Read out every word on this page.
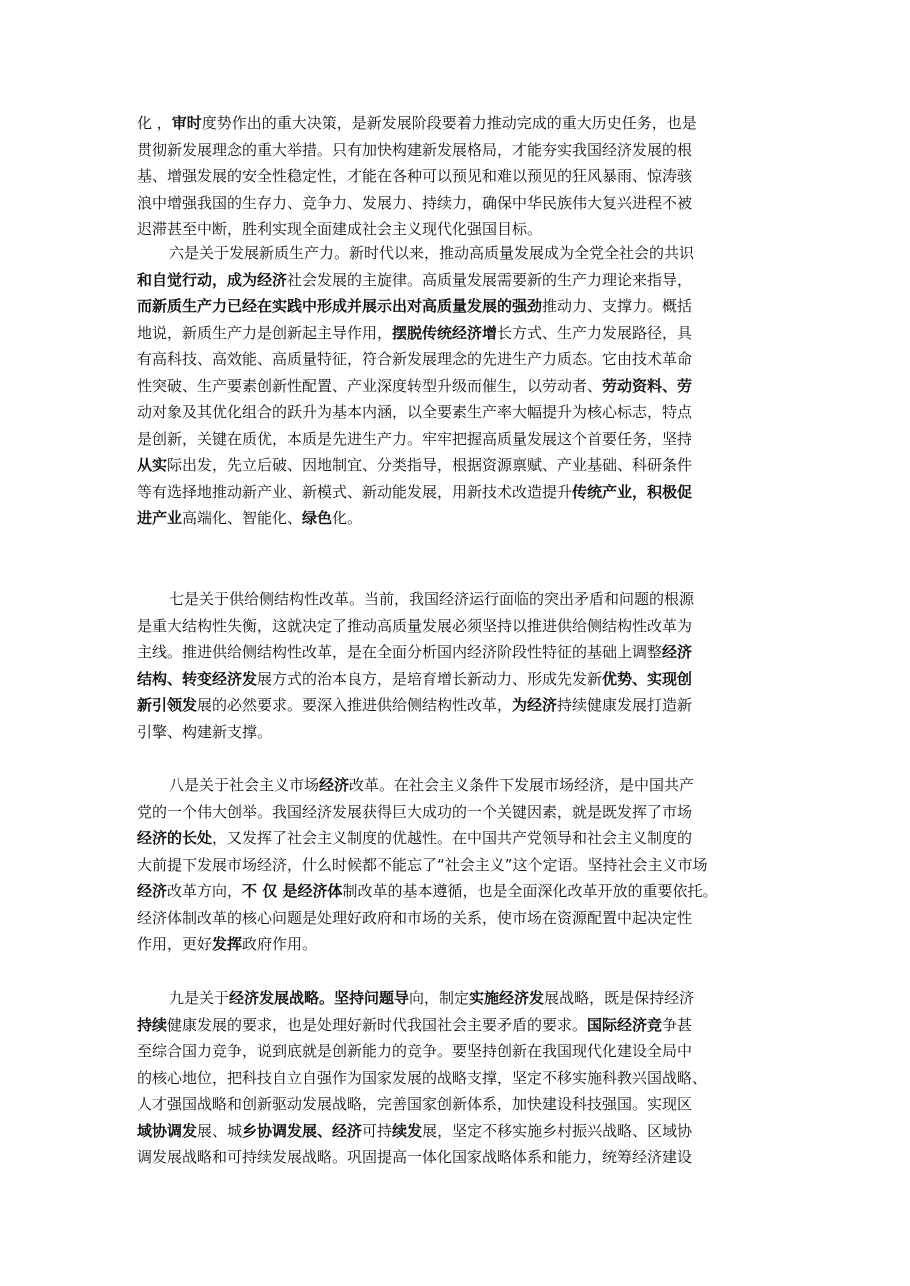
化 ，审时度势作出的重大决策，是新发展阶段要着力推动完成的重大历史任务，也是
贯彻新发展理念的重大举措。只有加快构建新发展格局，才能夯实我国经济发展的根
基、增强发展的安全性稳定性，才能在各种可以预见和难以预见的狂风暴雨、惊涛骇
浪中增强我国的生存力、竞争力、发展力、持续力，确保中华民族伟大复兴进程不被
迟滞甚至中断，胜利实现全面建成社会主义现代化强国目标。
六是关于发展新质生产力。新时代以来，推动高质量发展成为全党全社会的共识
和自觉行动，成为经济社会发展的主旋律。高质量发展需要新的生产力理论来指导，
而新质生产力已经在实践中形成并展示出对高质量发展的强劲推动力、支撑力。概括
地说，新质生产力是创新起主导作用，摆脱传统经济增长方式、生产力发展路径，具
有高科技、高效能、高质量特征，符合新发展理念的先进生产力质态。它由技术革命
性突破、生产要素创新性配置、产业深度转型升级而催生，以劳动者、劳动资料、劳
动对象及其优化组合的跃升为基本内涵，以全要素生产率大幅提升为核心标志，特点
是创新，关键在质优，本质是先进生产力。牢牢把握高质量发展这个首要任务，坚持
从实际出发，先立后破、因地制宜、分类指导，根据资源禀赋、产业基础、科研条件
等有选择地推动新产业、新模式、新动能发展，用新技术改造提升传统产业，积极促
进产业高端化、智能化、绿色化。
七是关于供给侧结构性改革。当前，我国经济运行面临的突出矛盾和问题的根源
是重大结构性失衡，这就决定了推动高质量发展必须坚持以推进供给侧结构性改革为
主线。推进供给侧结构性改革，是在全面分析国内经济阶段性特征的基础上调整经济
结构、转变经济发展方式的治本良方，是培育增长新动力、形成先发新优势、实现创
新引领发展的必然要求。要深入推进供给侧结构性改革，为经济持续健康发展打造新
引擎、构建新支撑。
八是关于社会主义市场经济改革。在社会主义条件下发展市场经济，是中国共产
党的一个伟大创举。我国经济发展获得巨大成功的一个关键因素，就是既发挥了市场
经济的长处，又发挥了社会主义制度的优越性。在中国共产党领导和社会主义制度的
大前提下发展市场经济，什么时候都不能忘了“社会主义”这个定语。坚持社会主义市场
经济改革方向，不 仅 是经济体制改革的基本遵循，也是全面深化改革开放的重要依托。
经济体制改革的核心问题是处理好政府和市场的关系，使市场在资源配置中起决定性
作用，更好发挥政府作用。
九是关于经济发展战略。坚持问题导向，制定实施经济发展战略，既是保持经济
持续健康发展的要求，也是处理好新时代我国社会主要矛盾的要求。国际经济竞争甚
至综合国力竞争，说到底就是创新能力的竞争。要坚持创新在我国现代化建设全局中
的核心地位，把科技自立自强作为国家发展的战略支撑，坚定不移实施科教兴国战略、
人才强国战略和创新驱动发展战略，完善国家创新体系，加快建设科技强国。实现区
域协调发展、城乡协调发展、经济可持续发展，坚定不移实施乡村振兴战略、区域协
调发展战略和可持续发展战略。巩固提高一体化国家战略体系和能力，统筹经济建设
